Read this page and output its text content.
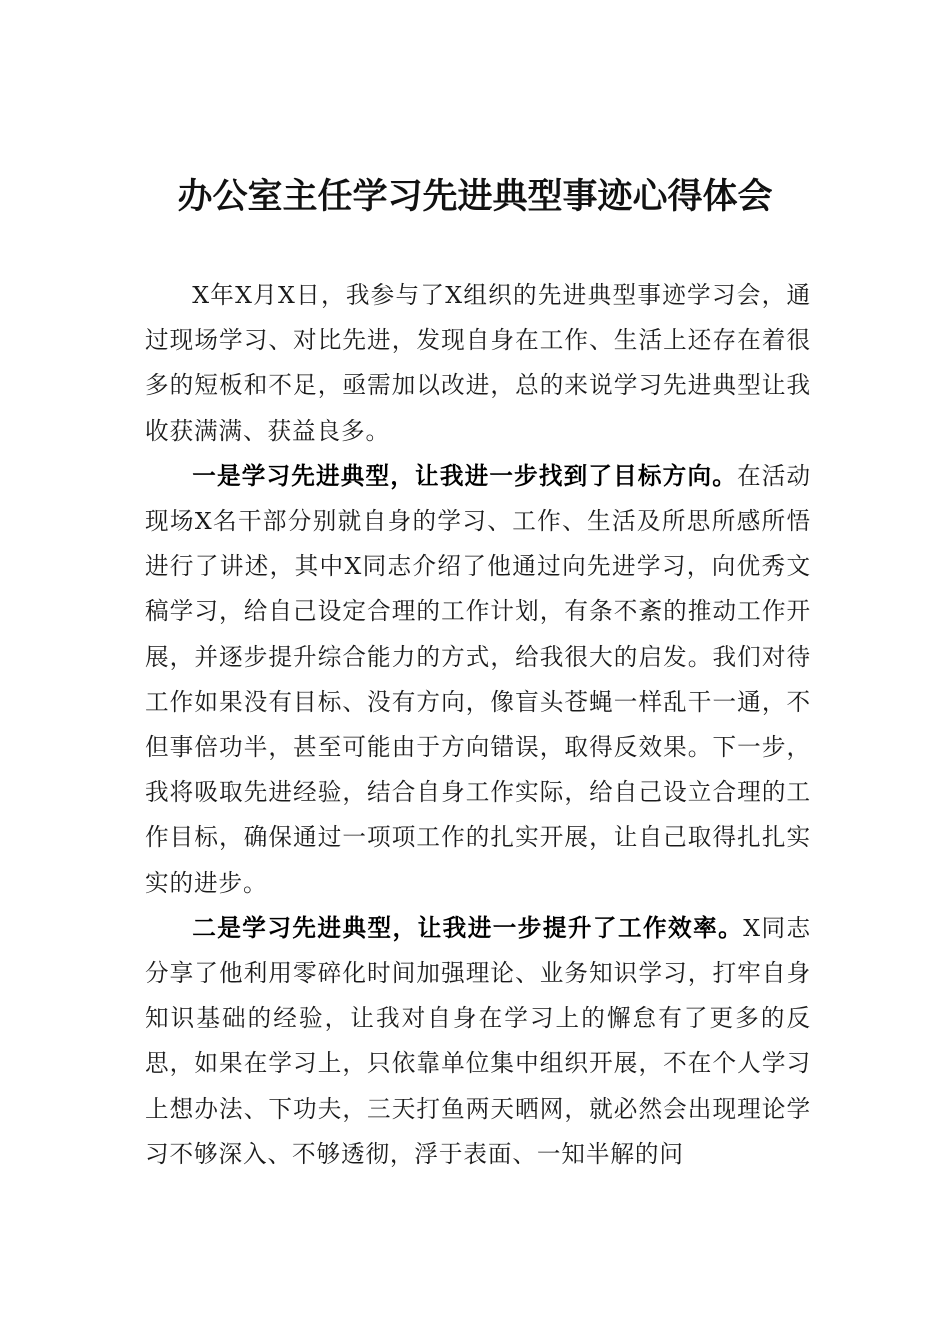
办公室主任学习先进典型事迹心得体会

X年X月X日，我参与了X组织的先进典型事迹学习会，通过现场学习、对比先进，发现自身在工作、生活上还存在着很多的短板和不足，亟需加以改进，总的来说学习先进典型让我收获满满、获益良多。

一是学习先进典型，让我进一步找到了目标方向。在活动现场X名干部分别就自身的学习、工作、生活及所思所感所悟进行了讲述，其中X同志介绍了他通过向先进学习，向优秀文稿学习，给自己设定合理的工作计划，有条不紊的推动工作开展，并逐步提升综合能力的方式，给我很大的启发。我们对待工作如果没有目标、没有方向，像盲头苍蝇一样乱干一通，不但事倍功半，甚至可能由于方向错误，取得反效果。下一步，我将吸取先进经验，结合自身工作实际，给自己设立合理的工作目标，确保通过一项项工作的扎实开展，让自己取得扎扎实实的进步。

二是学习先进典型，让我进一步提升了工作效率。X同志分享了他利用零碎化时间加强理论、业务知识学习，打牢自身知识基础的经验，让我对自身在学习上的懈怠有了更多的反思，如果在学习上，只依靠单位集中组织开展，不在个人学习上想办法、下功夫，三天打鱼两天晒网，就必然会出现理论学习不够深入、不够透彻，浮于表面、一知半解的问
